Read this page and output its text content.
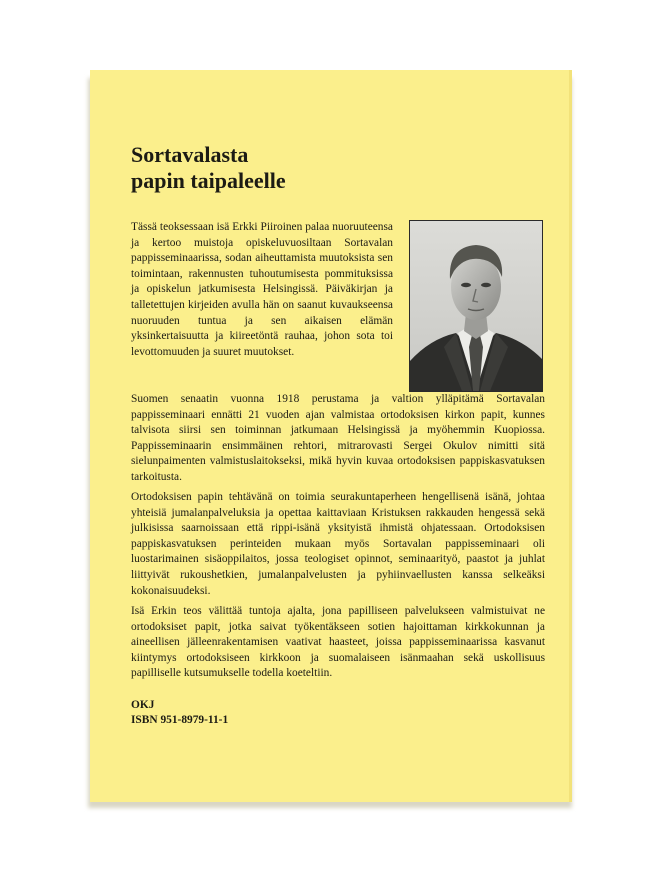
Sortavalasta
papin taipaleelle

Tässä teoksessaan isä Erkki Piiroinen palaa nuoruuteensa ja kertoo muistoja opiskeluvuosiltaan Sortavalan pappisseminaarissa, sodan aiheuttamista muutoksista sen toimintaan, rakennusten tuhoutumisesta pommituksissa ja opiskelun jatkumisesta Helsingissä. Päiväkirjan ja talletettujen kirjeiden avulla hän on saanut kuvaukseensa nuoruuden tuntua ja sen aikaisen elämän yksinkertaisuutta ja kiireetöntä rauhaa, johon sota toi levottomuuden ja suuret muutokset.

Suomen senaatin vuonna 1918 perustama ja valtion ylläpitämä Sortavalan pappisseminaari ennätti 21 vuoden ajan valmistaa ortodoksisen kirkon papit, kunnes talvisota siirsi sen toiminnan jatkumaan Helsingissä ja myöhemmin Kuopiossa. Pappisseminaarin ensimmäinen rehtori, mitrarovasti Sergei Okulov nimitti sitä sielunpaimenten valmistuslaitokseksi, mikä hyvin kuvaa ortodoksisen pappiskasvatuksen tarkoitusta.

Ortodoksisen papin tehtävänä on toimia seurakuntaperheen hengellisenä isänä, johtaa yhteisiä jumalanpalveluksia ja opettaa kaittaviaan Kristuksen rakkauden hengessä sekä julkisissa saarnoissaan että rippi-isänä yksityistä ihmistä ohjatessaan. Ortodoksisen pappiskasvatuksen perinteiden mukaan myös Sortavalan pappisseminaari oli luostarimainen sisäoppilaitos, jossa teologiset opinnot, seminaarityö, paastot ja juhlat liittyivät rukoushetkien, jumalanpalvelusten ja pyhiinvaellusten kanssa selkeäksi kokonaisuudeksi.

Isä Erkin teos välittää tuntoja ajalta, jona papilliseen palvelukseen valmistuivat ne ortodoksiset papit, jotka saivat työkentäkseen sotien hajoittaman kirkkokunnan ja aineellisen jälleenrakentamisen vaativat haasteet, joissa pappisseminaarissa kasvanut kiintymys ortodoksiseen kirkkoon ja suomalaiseen isänmaahan sekä uskollisuus papilliselle kutsumukselle todella koeteltiin.

OKJ
ISBN 951-8979-11-1
